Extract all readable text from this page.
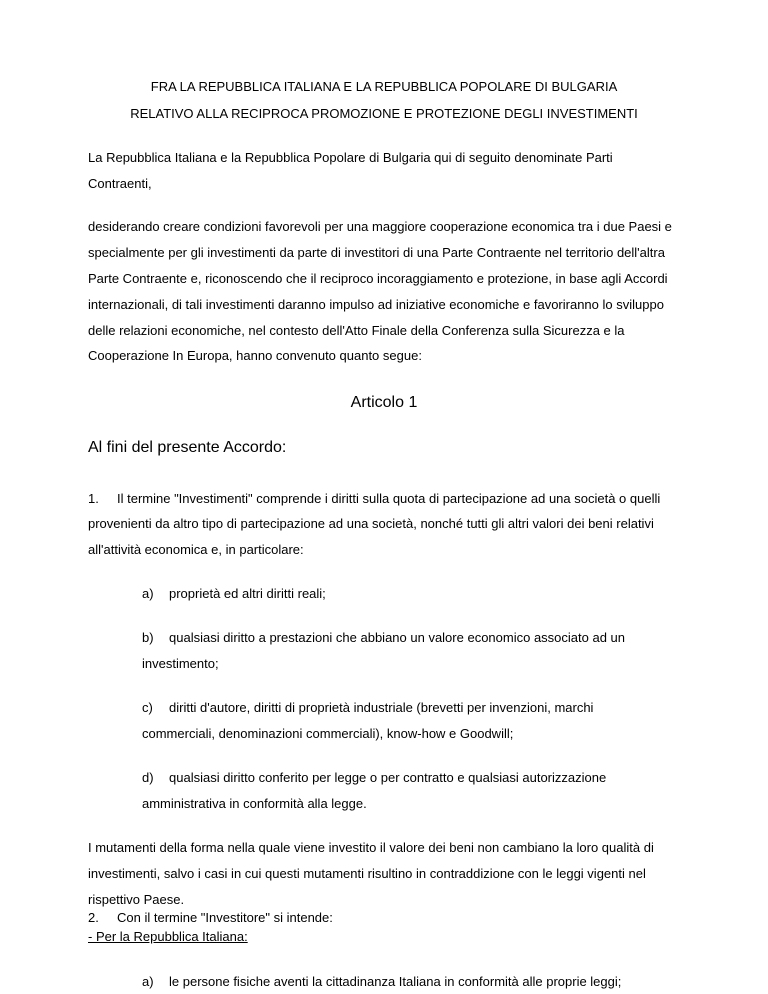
FRA LA REPUBBLICA ITALIANA E LA REPUBBLICA POPOLARE DI BULGARIA
RELATIVO ALLA RECIPROCA PROMOZIONE E PROTEZIONE DEGLI INVESTIMENTI
La Repubblica Italiana e la Repubblica Popolare di Bulgaria qui di seguito denominate Parti
Contraenti,
desiderando creare condizioni favorevoli per una maggiore cooperazione economica tra i due Paesi e
specialmente per gli investimenti da parte di investitori di una Parte Contraente nel territorio dell'altra
Parte Contraente e, riconoscendo che il reciproco incoraggiamento e protezione, in base agli Accordi
internazionali, di tali investimenti daranno impulso ad iniziative economiche e favoriranno lo sviluppo
delle relazioni economiche, nel contesto dell'Atto Finale della Conferenza sulla Sicurezza e la
Cooperazione In Europa, hanno convenuto quanto segue:
Articolo 1
Al fini del presente Accordo:
1. Il termine "Investimenti" comprende i diritti sulla quota di partecipazione ad una società o quelli
provenienti da altro tipo di partecipazione ad una società, nonché tutti gli altri valori dei beni relativi
all'attività economica e, in particolare:
a) proprietà ed altri diritti reali;
b) qualsiasi diritto a prestazioni che abbiano un valore economico associato ad un
investimento;
c) diritti d'autore, diritti di proprietà industriale (brevetti per invenzioni, marchi
commerciali, denominazioni commerciali), know-how e Goodwill;
d) qualsiasi diritto conferito per legge o per contratto e qualsiasi autorizzazione
amministrativa in conformità alla legge.
I mutamenti della forma nella quale viene investito il valore dei beni non cambiano la loro qualità di
investimenti, salvo i casi in cui questi mutamenti risultino in contraddizione con le leggi vigenti nel
rispettivo Paese.
2. Con il termine "Investitore" si intende:
- Per la Repubblica Italiana:
a) le persone fisiche aventi la cittadinanza Italiana in conformità alle proprie leggi;
